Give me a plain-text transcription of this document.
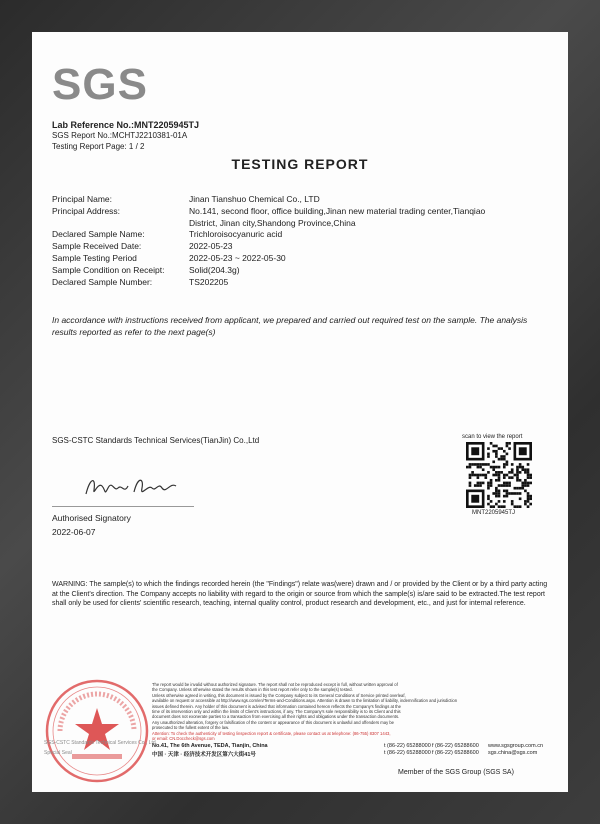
SGS
Lab Reference No.:MNT2205945TJ
SGS Report No.:MCHTJ2210381-01A
Testing Report Page: 1 / 2
TESTING REPORT
Principal Name:	Jinan Tianshuo Chemical Co., LTD
Principal Address:	No.141, second floor, office building,Jinan new material trading center,Tianqiao
District, Jinan city,Shandong Province,China
Declared Sample Name:	Trichloroisocyanuric acid
Sample Received Date:	2022-05-23
Sample Testing Period	2022-05-23 ~ 2022-05-30
Sample Condition on Receipt:	Solid(204.3g)
Declared Sample Number:	TS202205
In accordance with instructions received from applicant, we prepared and carried out required test on the sample. The analysis results reported as refer to the next page(s)
SGS-CSTC Standards Technical Services(TianJin) Co.,Ltd
Authorised Signatory
2022-06-07
scan to view the report
MNT2205945TJ
WARNING: The sample(s) to which the findings recorded herein (the "Findings") relate was(were) drawn and / or provided by the Client or by a third party acting at the Client's direction. The Company accepts no liability with regard to the origin or source from which the sample(s) is/are said to be extracted.The test report shall only be used for clients' scientific research, teaching, internal quality control, product research and development, etc., and just for internal reference.
The report would be invalid without authorized signature. The report shall not be reproduced except in full, without written approval of
the Company. Unless otherwise stated the results shown in this test report refer only to the sample(s) tested.
Unless otherwise agreed in writing, this document is issued by the Company subject to its General Conditions of Service printed overleaf,
available on request or accessible at http://www.sgs.com/en/Terms-and-Conditions.aspx. Attention is drawn to the limitation of liability, indemnification and jurisdiction
issues defined therein. Any holder of this document is advised that information contained hereon reflects the Company's findings at the
time of its intervention only and within the limits of Client's instructions, if any. The Company's sole responsibility is to its Client and this
document does not exonerate parties to a transaction from exercising all their rights and obligations under the transaction documents.
Any unauthorized alteration, forgery or falsification of the content or appearance of this document is unlawful and offenders may be
prosecuted to the fullest extent of the law.
Attention: To check the authenticity of testing /inspection report & certificate, please contact us at telephone: (86-755) 8307 1443,
or email: CN.Doccheck@sgs.com
No.41, The 6th Avenue, TEDA, Tianjin, China
中国 · 天津 · 经济技术开发区第六大街41号
t (86-22) 65288000
t (86-22) 65288000
f (86-22) 65288600
f (86-22) 65288600
www.sgsgroup.com.cn
sgs.china@sgs.com
SGS-CSTC Standards Technical Services Co., Ltd.
Special Seal
Member of the SGS Group (SGS SA)
